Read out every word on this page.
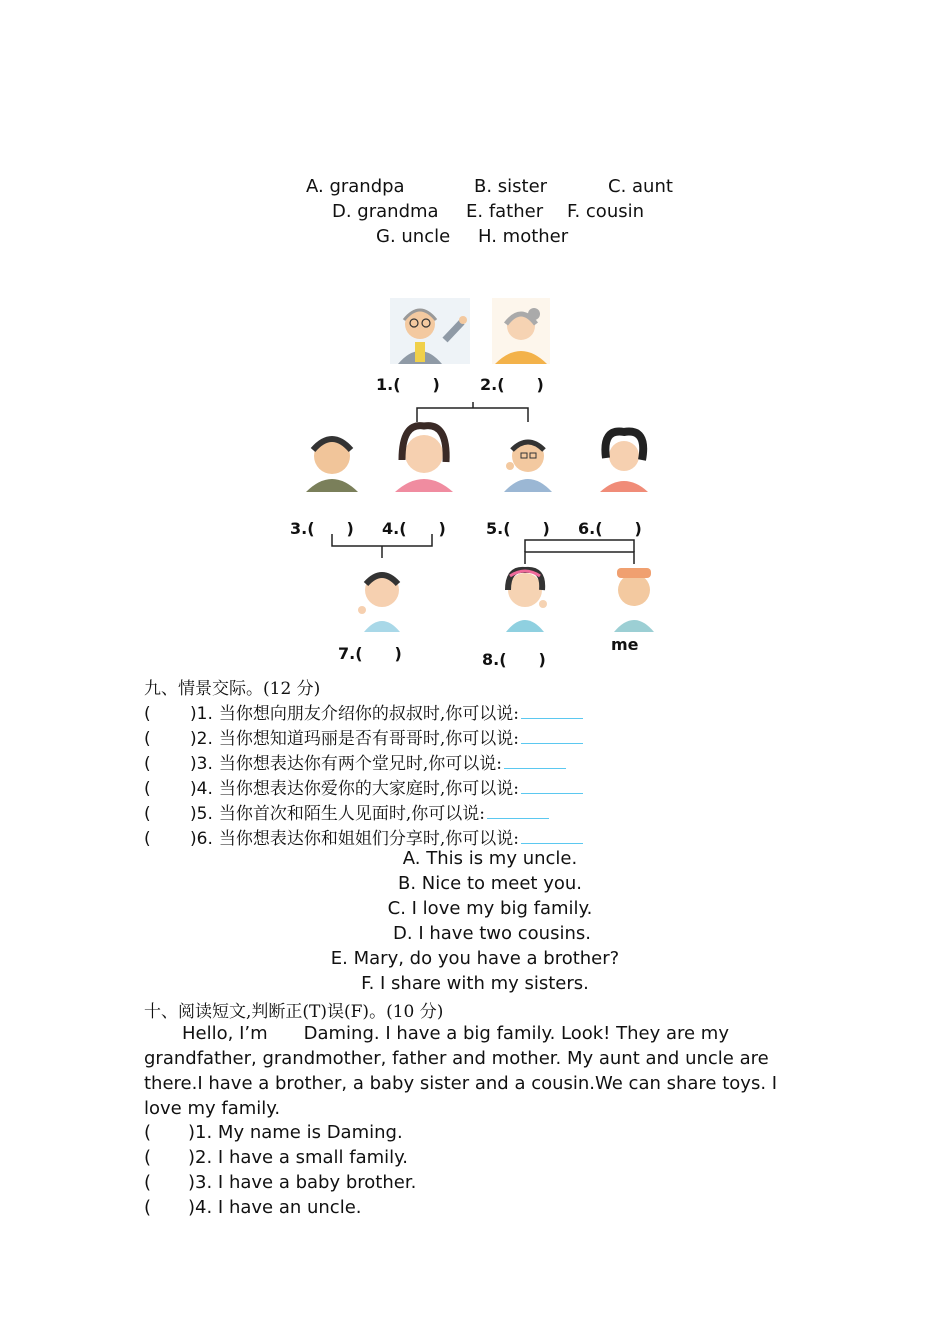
A. grandpa	B. sister	C. aunt
D. grandma E. father F. cousin
G. uncle H. mother
1.(　　)	2.(　　)
3.(　　) 4.(　　)	5.(　　) 6.(　　)
7.(　　)	8.(　　)
me
九、情景交际。(12 分)
(	)1. 当你想向朋友介绍你的叔叔时,你可以说:
(	)2. 当你想知道玛丽是否有哥哥时,你可以说:
(	)3. 当你想表达你有两个堂兄时,你可以说:
(	)4. 当你想表达你爱你的大家庭时,你可以说:
(	)5. 当你首次和陌生人见面时,你可以说:
(	)6. 当你想表达你和姐姐们分享时,你可以说:
A. This is my uncle.
B. Nice to meet you.
C. I love my big family.
D. I have two cousins.
E. Mary, do you have a brother?
F. I share with my sisters.
十、阅读短文,判断正(T)误(F)。(10 分)
Hello, I’m　　Daming. I have a big family. Look! They are my grandfather, grandmother, father and mother. My aunt and uncle are there.I have a brother, a baby sister and a cousin.We can share toys. I love my family.
( )1. My name is Daming.
( )2. I have a small family.
( )3. I have a baby brother.
( )4. I have an uncle.
